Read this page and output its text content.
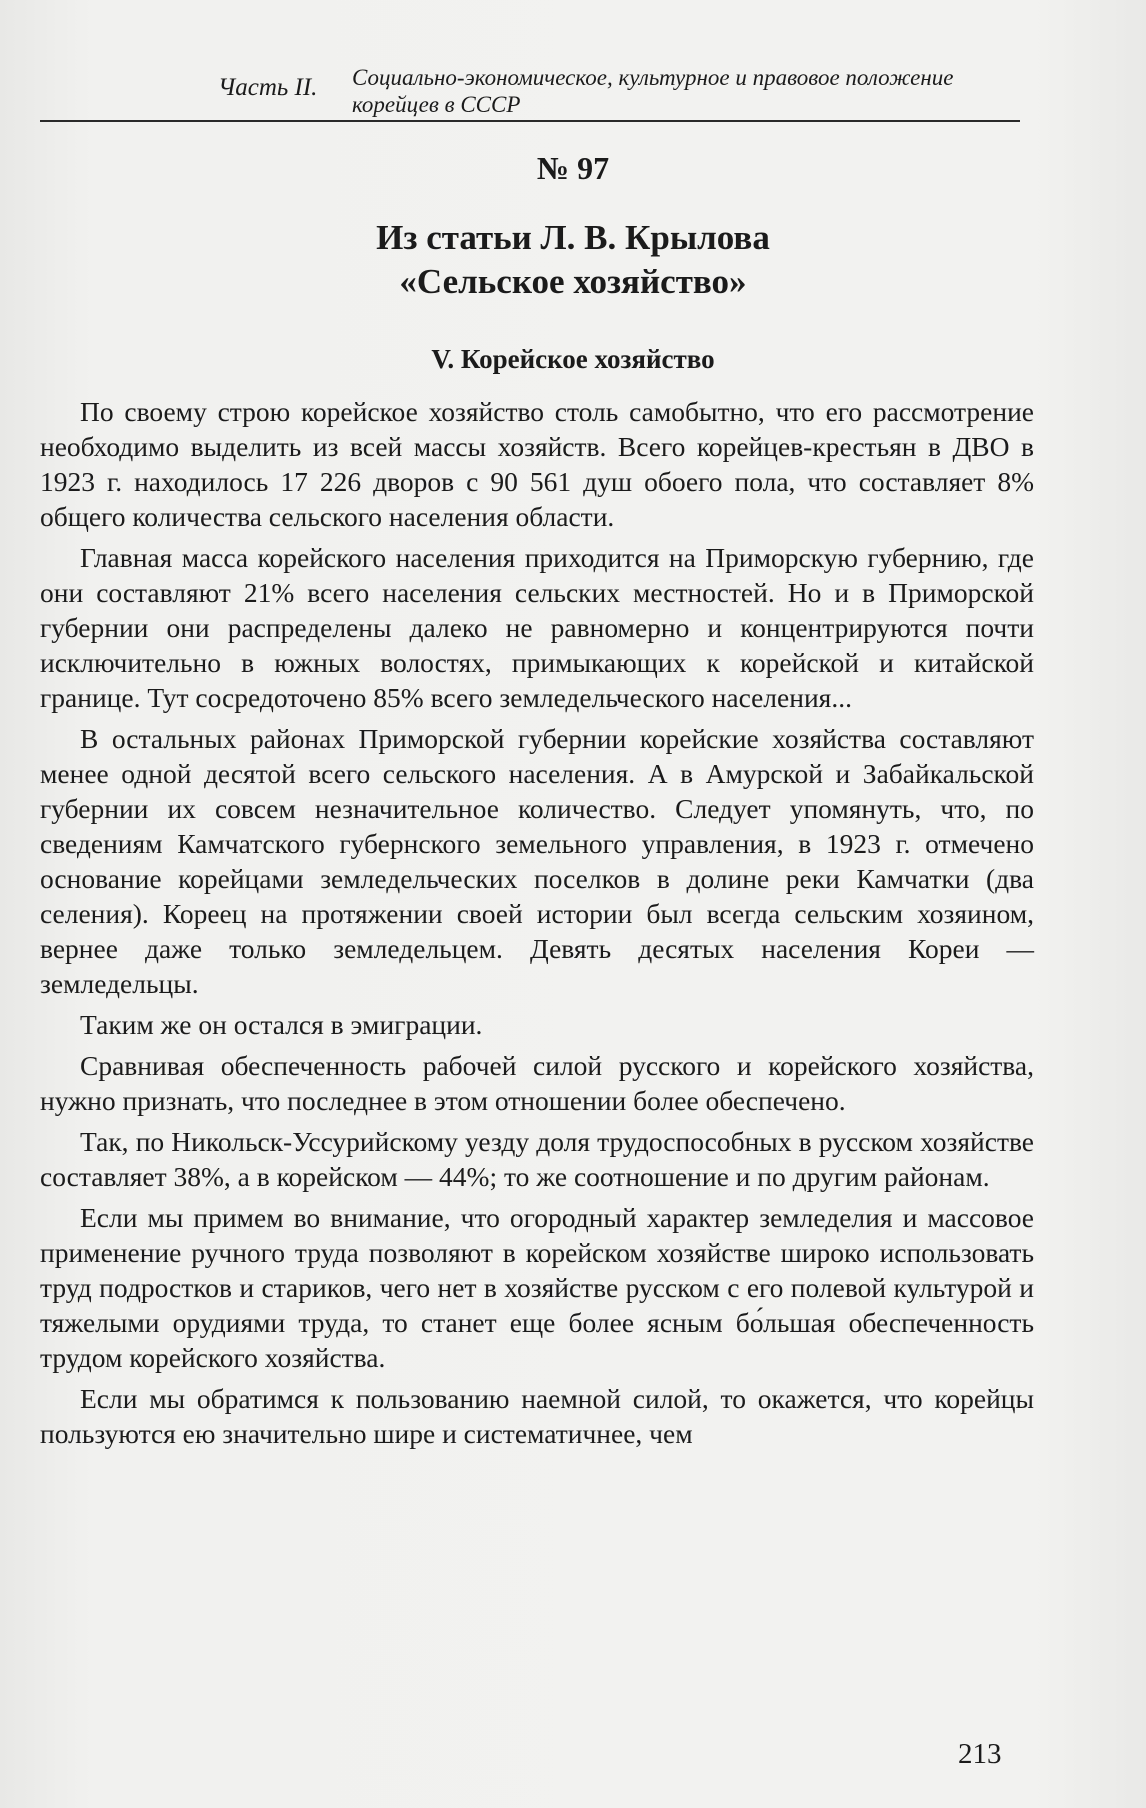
Часть II. Социально-экономическое, культурное и правовое положение корейцев в СССР
№ 97
Из статьи Л. В. Крылова
«Сельское хозяйство»
V. Корейское хозяйство

По своему строю корейское хозяйство столь самобытно, что его рассмотрение необходимо выделить из всей массы хозяйств. Всего корейцев-крестьян в ДВО в 1923 г. находилось 17 226 дворов с 90 561 душ обоего пола, что составляет 8% общего количества сельского населения области.

Главная масса корейского населения приходится на Приморскую губернию, где они составляют 21% всего населения сельских местностей. Но и в Приморской губернии они распределены далеко не равномерно и концентрируются почти исключительно в южных волостях, примыкающих к корейской и китайской границе. Тут сосредоточено 85% всего земледельческого населения...

В остальных районах Приморской губернии корейские хозяйства составляют менее одной десятой всего сельского населения. А в Амурской и Забайкальской губернии их совсем незначительное количество. Следует упомянуть, что, по сведениям Камчатского губернского земельного управления, в 1923 г. отмечено основание корейцами земледельческих поселков в долине реки Камчатки (два селения). Кореец на протяжении своей истории был всегда сельским хозяином, вернее даже только земледельцем. Девять десятых населения Кореи — земледельцы.

Таким же он остался в эмиграции.

Сравнивая обеспеченность рабочей силой русского и корейского хозяйства, нужно признать, что последнее в этом отношении более обеспечено.

Так, по Никольск-Уссурийскому уезду доля трудоспособных в русском хозяйстве составляет 38%, а в корейском — 44%; то же соотношение и по другим районам.

Если мы примем во внимание, что огородный характер земледелия и массовое применение ручного труда позволяют в корейском хозяйстве широко использовать труд подростков и стариков, чего нет в хозяйстве русском с его полевой культурой и тяжелыми орудиями труда, то станет еще более ясным бо́льшая обеспеченность трудом корейского хозяйства.

Если мы обратимся к пользованию наемной силой, то окажется, что корейцы пользуются ею значительно шире и систематичнее, чем

213
